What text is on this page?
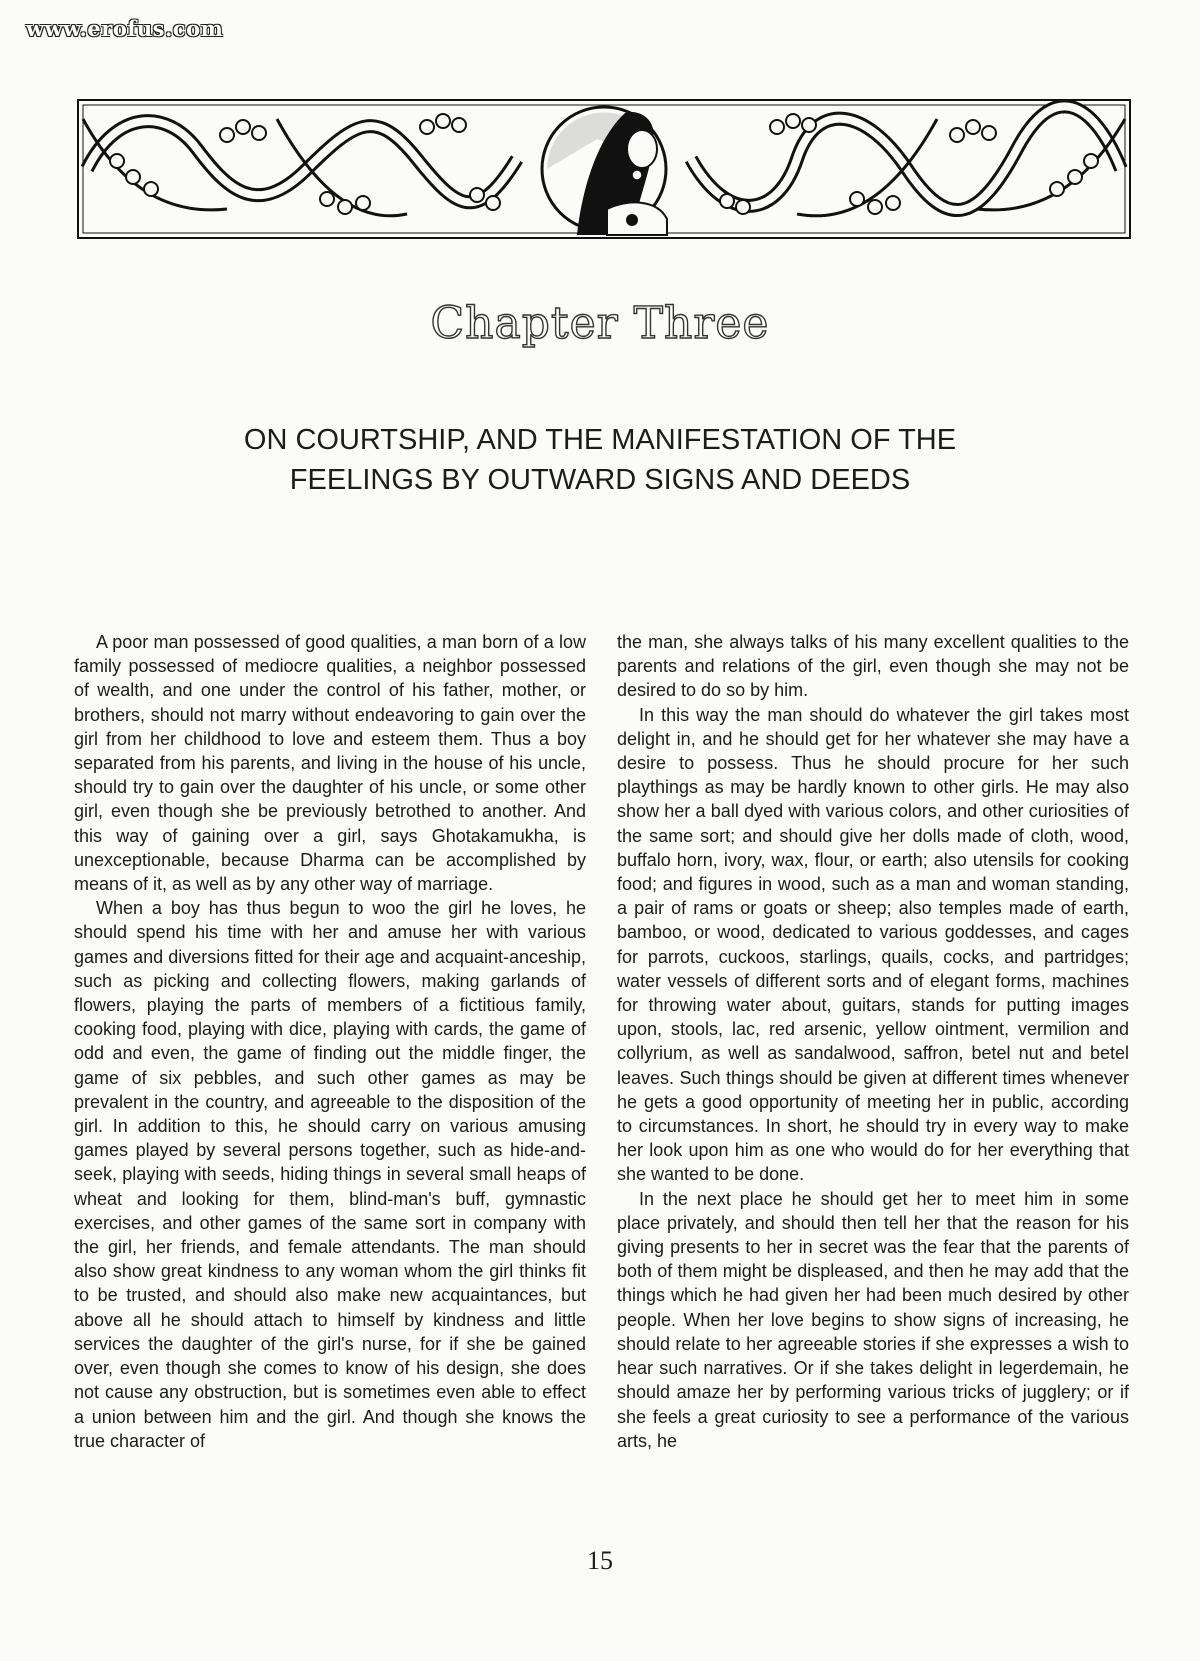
www.erofus.com
Chapter Three
ON COURTSHIP, AND THE MANIFESTATION OF THE
FEELINGS BY OUTWARD SIGNS AND DEEDS

A poor man possessed of good qualities, a man born of a low family possessed of mediocre qualities, a neighbor possessed of wealth, and one under the control of his father, mother, or brothers, should not marry without endeavoring to gain over the girl from her childhood to love and esteem them. Thus a boy separated from his parents, and living in the house of his uncle, should try to gain over the daughter of his uncle, or some other girl, even though she be previously betrothed to another. And this way of gaining over a girl, says Ghotakamukha, is unexceptionable, because Dharma can be accomplished by means of it, as well as by any other way of marriage.

When a boy has thus begun to woo the girl he loves, he should spend his time with her and amuse her with various games and diversions fitted for their age and acquaint-anceship, such as picking and collecting flowers, making garlands of flowers, playing the parts of members of a fictitious family, cooking food, playing with dice, playing with cards, the game of odd and even, the game of finding out the middle finger, the game of six pebbles, and such other games as may be prevalent in the country, and agreeable to the disposition of the girl. In addition to this, he should carry on various amusing games played by several persons together, such as hide-and-seek, playing with seeds, hiding things in several small heaps of wheat and looking for them, blind-man's buff, gymnastic exercises, and other games of the same sort in company with the girl, her friends, and female attendants. The man should also show great kindness to any woman whom the girl thinks fit to be trusted, and should also make new acquaintances, but above all he should attach to himself by kindness and little services the daughter of the girl's nurse, for if she be gained over, even though she comes to know of his design, she does not cause any obstruction, but is sometimes even able to effect a union between him and the girl. And though she knows the true character of

the man, she always talks of his many excellent qualities to the parents and relations of the girl, even though she may not be desired to do so by him.

In this way the man should do whatever the girl takes most delight in, and he should get for her whatever she may have a desire to possess. Thus he should procure for her such playthings as may be hardly known to other girls. He may also show her a ball dyed with various colors, and other curiosities of the same sort; and should give her dolls made of cloth, wood, buffalo horn, ivory, wax, flour, or earth; also utensils for cooking food; and figures in wood, such as a man and woman standing, a pair of rams or goats or sheep; also temples made of earth, bamboo, or wood, dedicated to various goddesses, and cages for parrots, cuckoos, starlings, quails, cocks, and partridges; water vessels of different sorts and of elegant forms, machines for throwing water about, guitars, stands for putting images upon, stools, lac, red arsenic, yellow ointment, vermilion and collyrium, as well as sandalwood, saffron, betel nut and betel leaves. Such things should be given at different times whenever he gets a good opportunity of meeting her in public, according to circumstances. In short, he should try in every way to make her look upon him as one who would do for her everything that she wanted to be done.

In the next place he should get her to meet him in some place privately, and should then tell her that the reason for his giving presents to her in secret was the fear that the parents of both of them might be displeased, and then he may add that the things which he had given her had been much desired by other people. When her love begins to show signs of increasing, he should relate to her agreeable stories if she expresses a wish to hear such narratives. Or if she takes delight in legerdemain, he should amaze her by performing various tricks of jugglery; or if she feels a great curiosity to see a performance of the various arts, he

15
